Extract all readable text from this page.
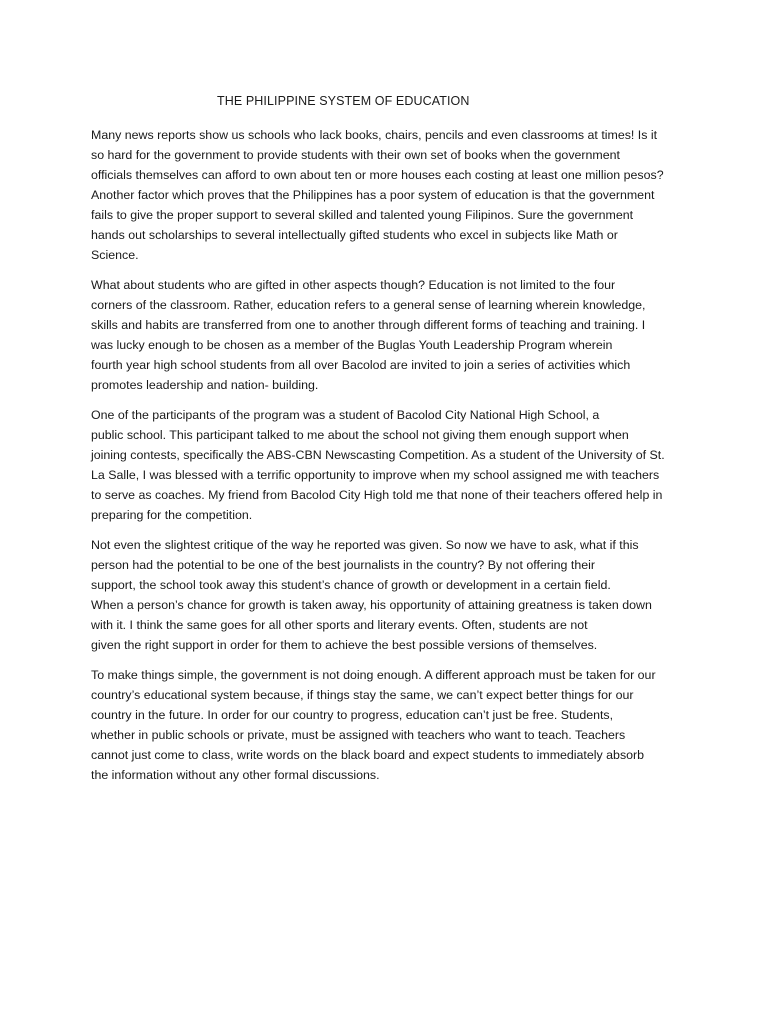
THE PHILIPPINE SYSTEM OF EDUCATION

Many news reports show us schools who lack books, chairs, pencils and even classrooms at times! Is it
so hard for the government to provide students with their own set of books when the government
officials themselves can afford to own about ten or more houses each costing at least one million pesos?
Another factor which proves that the Philippines has a poor system of education is that the government
fails to give the proper support to several skilled and talented young Filipinos. Sure the government
hands out scholarships to several intellectually gifted students who excel in subjects like Math or
Science.

What about students who are gifted in other aspects though? Education is not limited to the four
corners of the classroom. Rather, education refers to a general sense of learning wherein knowledge,
skills and habits are transferred from one to another through different forms of teaching and training. I
was lucky enough to be chosen as a member of the Buglas Youth Leadership Program wherein
fourth year high school students from all over Bacolod are invited to join a series of activities which
promotes leadership and nation- building.

One of the participants of the program was a student of Bacolod City National High School, a
public school. This participant talked to me about the school not giving them enough support when
joining contests, specifically the ABS-CBN Newscasting Competition. As a student of the University of St.
La Salle, I was blessed with a terrific opportunity to improve when my school assigned me with teachers
to serve as coaches. My friend from Bacolod City High told me that none of their teachers offered help in
preparing for the competition.

Not even the slightest critique of the way he reported was given. So now we have to ask, what if this
person had the potential to be one of the best journalists in the country? By not offering their
support, the school took away this student’s chance of growth or development in a certain field.
When a person’s chance for growth is taken away, his opportunity of attaining greatness is taken down
with it. I think the same goes for all other sports and literary events. Often, students are not
given the right support in order for them to achieve the best possible versions of themselves.

To make things simple, the government is not doing enough. A different approach must be taken for our
country’s educational system because, if things stay the same, we can’t expect better things for our
country in the future. In order for our country to progress, education can’t just be free. Students,
whether in public schools or private, must be assigned with teachers who want to teach. Teachers
cannot just come to class, write words on the black board and expect students to immediately absorb
the information without any other formal discussions.
